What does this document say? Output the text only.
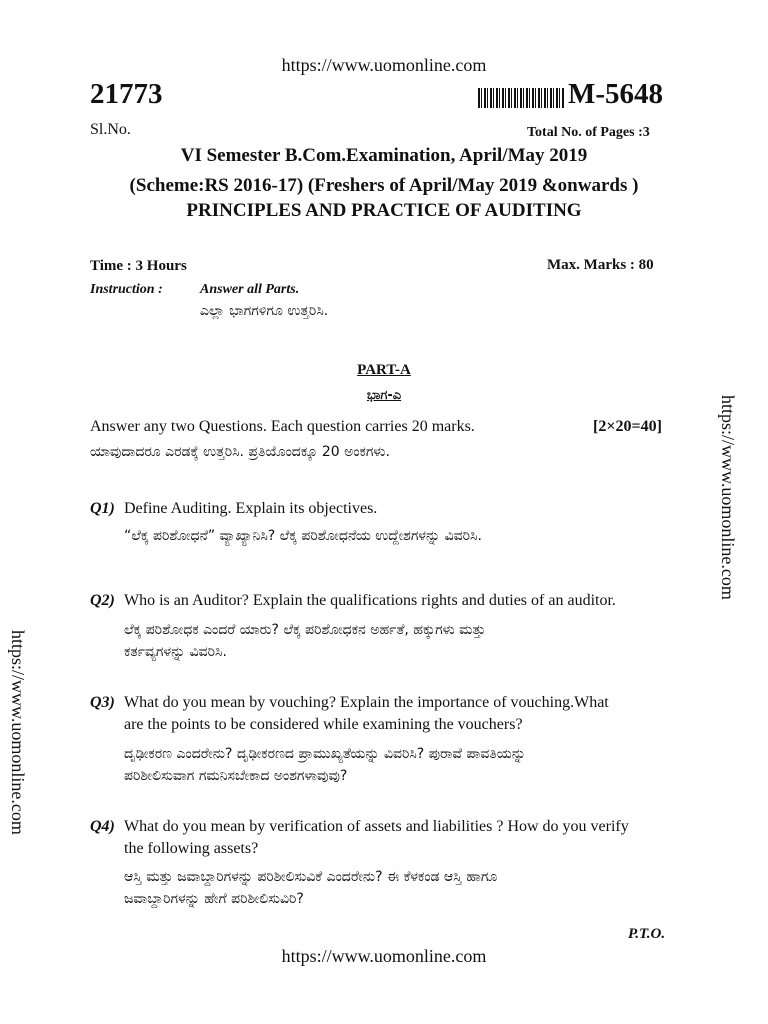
https://www.uomonline.com
https://www.uomonline.com
https://www.uomonline.com
21773	M-5648
Sl.No.	Total No. of Pages :3
VI Semester B.Com.Examination, April/May 2019
(Scheme:RS 2016-17) (Freshers of April/May 2019 &onwards )
PRINCIPLES AND PRACTICE OF AUDITING
Time : 3 Hours	Max. Marks : 80
Instruction :	Answer all Parts.
ಎಲ್ಲಾ ಭಾಗಗಳಿಗೂ ಉತ್ತರಿಸಿ.
PART-A
ಭಾಗ-ಎ
Answer any two Questions. Each question carries 20 marks.	[2×20=40]
ಯಾವುದಾದರೂ ಎರಡಕ್ಕೆ ಉತ್ತರಿಸಿ. ಪ್ರತಿಯೊಂದಕ್ಕೂ 20 ಅಂಕಗಳು.
Q1) Define Auditing. Explain its objectives.
“ಲೆಕ್ಕ ಪರಿಶೋಧನೆ” ವ್ಯಾಖ್ಯಾನಿಸಿ? ಲೆಕ್ಕ ಪರಿಶೋಧನೆಯ ಉದ್ದೇಶಗಳನ್ನು ವಿವರಿಸಿ.
Q2) Who is an Auditor? Explain the qualifications rights and duties of an auditor.
ಲೆಕ್ಕ ಪರಿಶೋಧಕ ಎಂದರೆ ಯಾರು? ಲೆಕ್ಕ ಪರಿಶೋಧಕನ ಅರ್ಹತೆ, ಹಕ್ಕುಗಳು ಮತ್ತು
ಕರ್ತವ್ಯಗಳನ್ನು ವಿವರಿಸಿ.
Q3) What do you mean by vouching? Explain the importance of vouching.What
are the points to be considered while examining the vouchers?
ದೃಢೀಕರಣ ಎಂದರೇನು? ದೃಢೀಕರಣದ ಪ್ರಾಮುಖ್ಯತೆಯನ್ನು ವಿವರಿಸಿ? ಪುರಾವೆ ಪಾವತಿಯನ್ನು
ಪರಿಶೀಲಿಸುವಾಗ ಗಮನಿಸಬೇಕಾದ ಅಂಶಗಳಾವುವು?
Q4) What do you mean by verification of assets and liabilities ? How do you verify
the following assets?
ಆಸ್ತಿ ಮತ್ತು ಜವಾಬ್ದಾರಿಗಳನ್ನು ಪರಿಶೀಲಿಸುವಿಕೆ ಎಂದರೇನು? ಈ ಕೆಳಕಂಡ ಆಸ್ತಿ ಹಾಗೂ
ಜವಾಬ್ದಾರಿಗಳನ್ನು ಹೇಗೆ ಪರಿಶೀಲಿಸುವಿರಿ?
P.T.O.
https://www.uomonline.com
